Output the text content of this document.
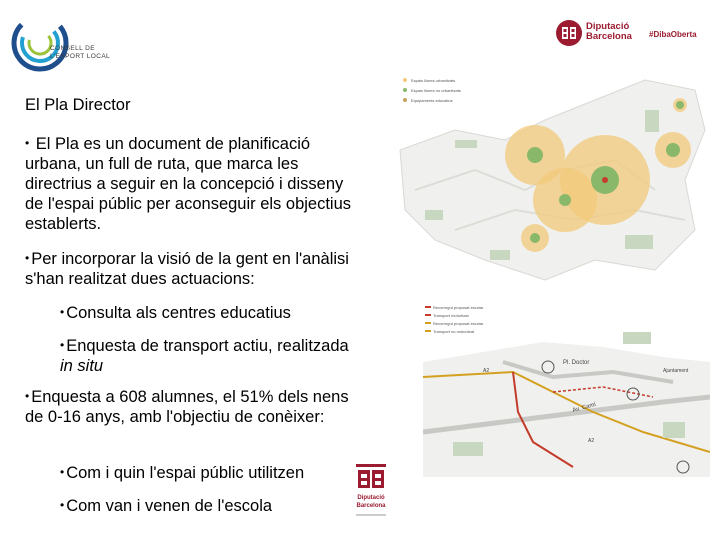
CONSELL DE
L'ESPORT LOCAL
Diputació
Barcelona #DibaOberta
El Pla Director
• El Pla es un document de planificació urbana, un full de ruta, que marca les directrius a seguir en la concepció i disseny de l'espai públic per aconseguir els objectius establerts.
• Per incorporar la visió de la gent en l'anàlisi s'han realitzat dues actuacions:
• Consulta als centres educatius
• Enquesta de transport actiu, realitzada in situ
• Enquesta a 608 alumnes, el 51% dels nens de 0-16 anys, amb l'objectiu de conèixer:
• Com i quin l'espai públic utilitzen
• Com van i venen de l'escola
Espais lliures urbanitzats
Espais lliures no urbanitzats
Equipaments educatius
Recorregut proposat escolar
Transport motoritzat
Recorregut proposat escolar
Transport no motoritzat
Pl. Doctor
A2
Av. Camí
Ajuntament
A2
Diputació
Barcelona
